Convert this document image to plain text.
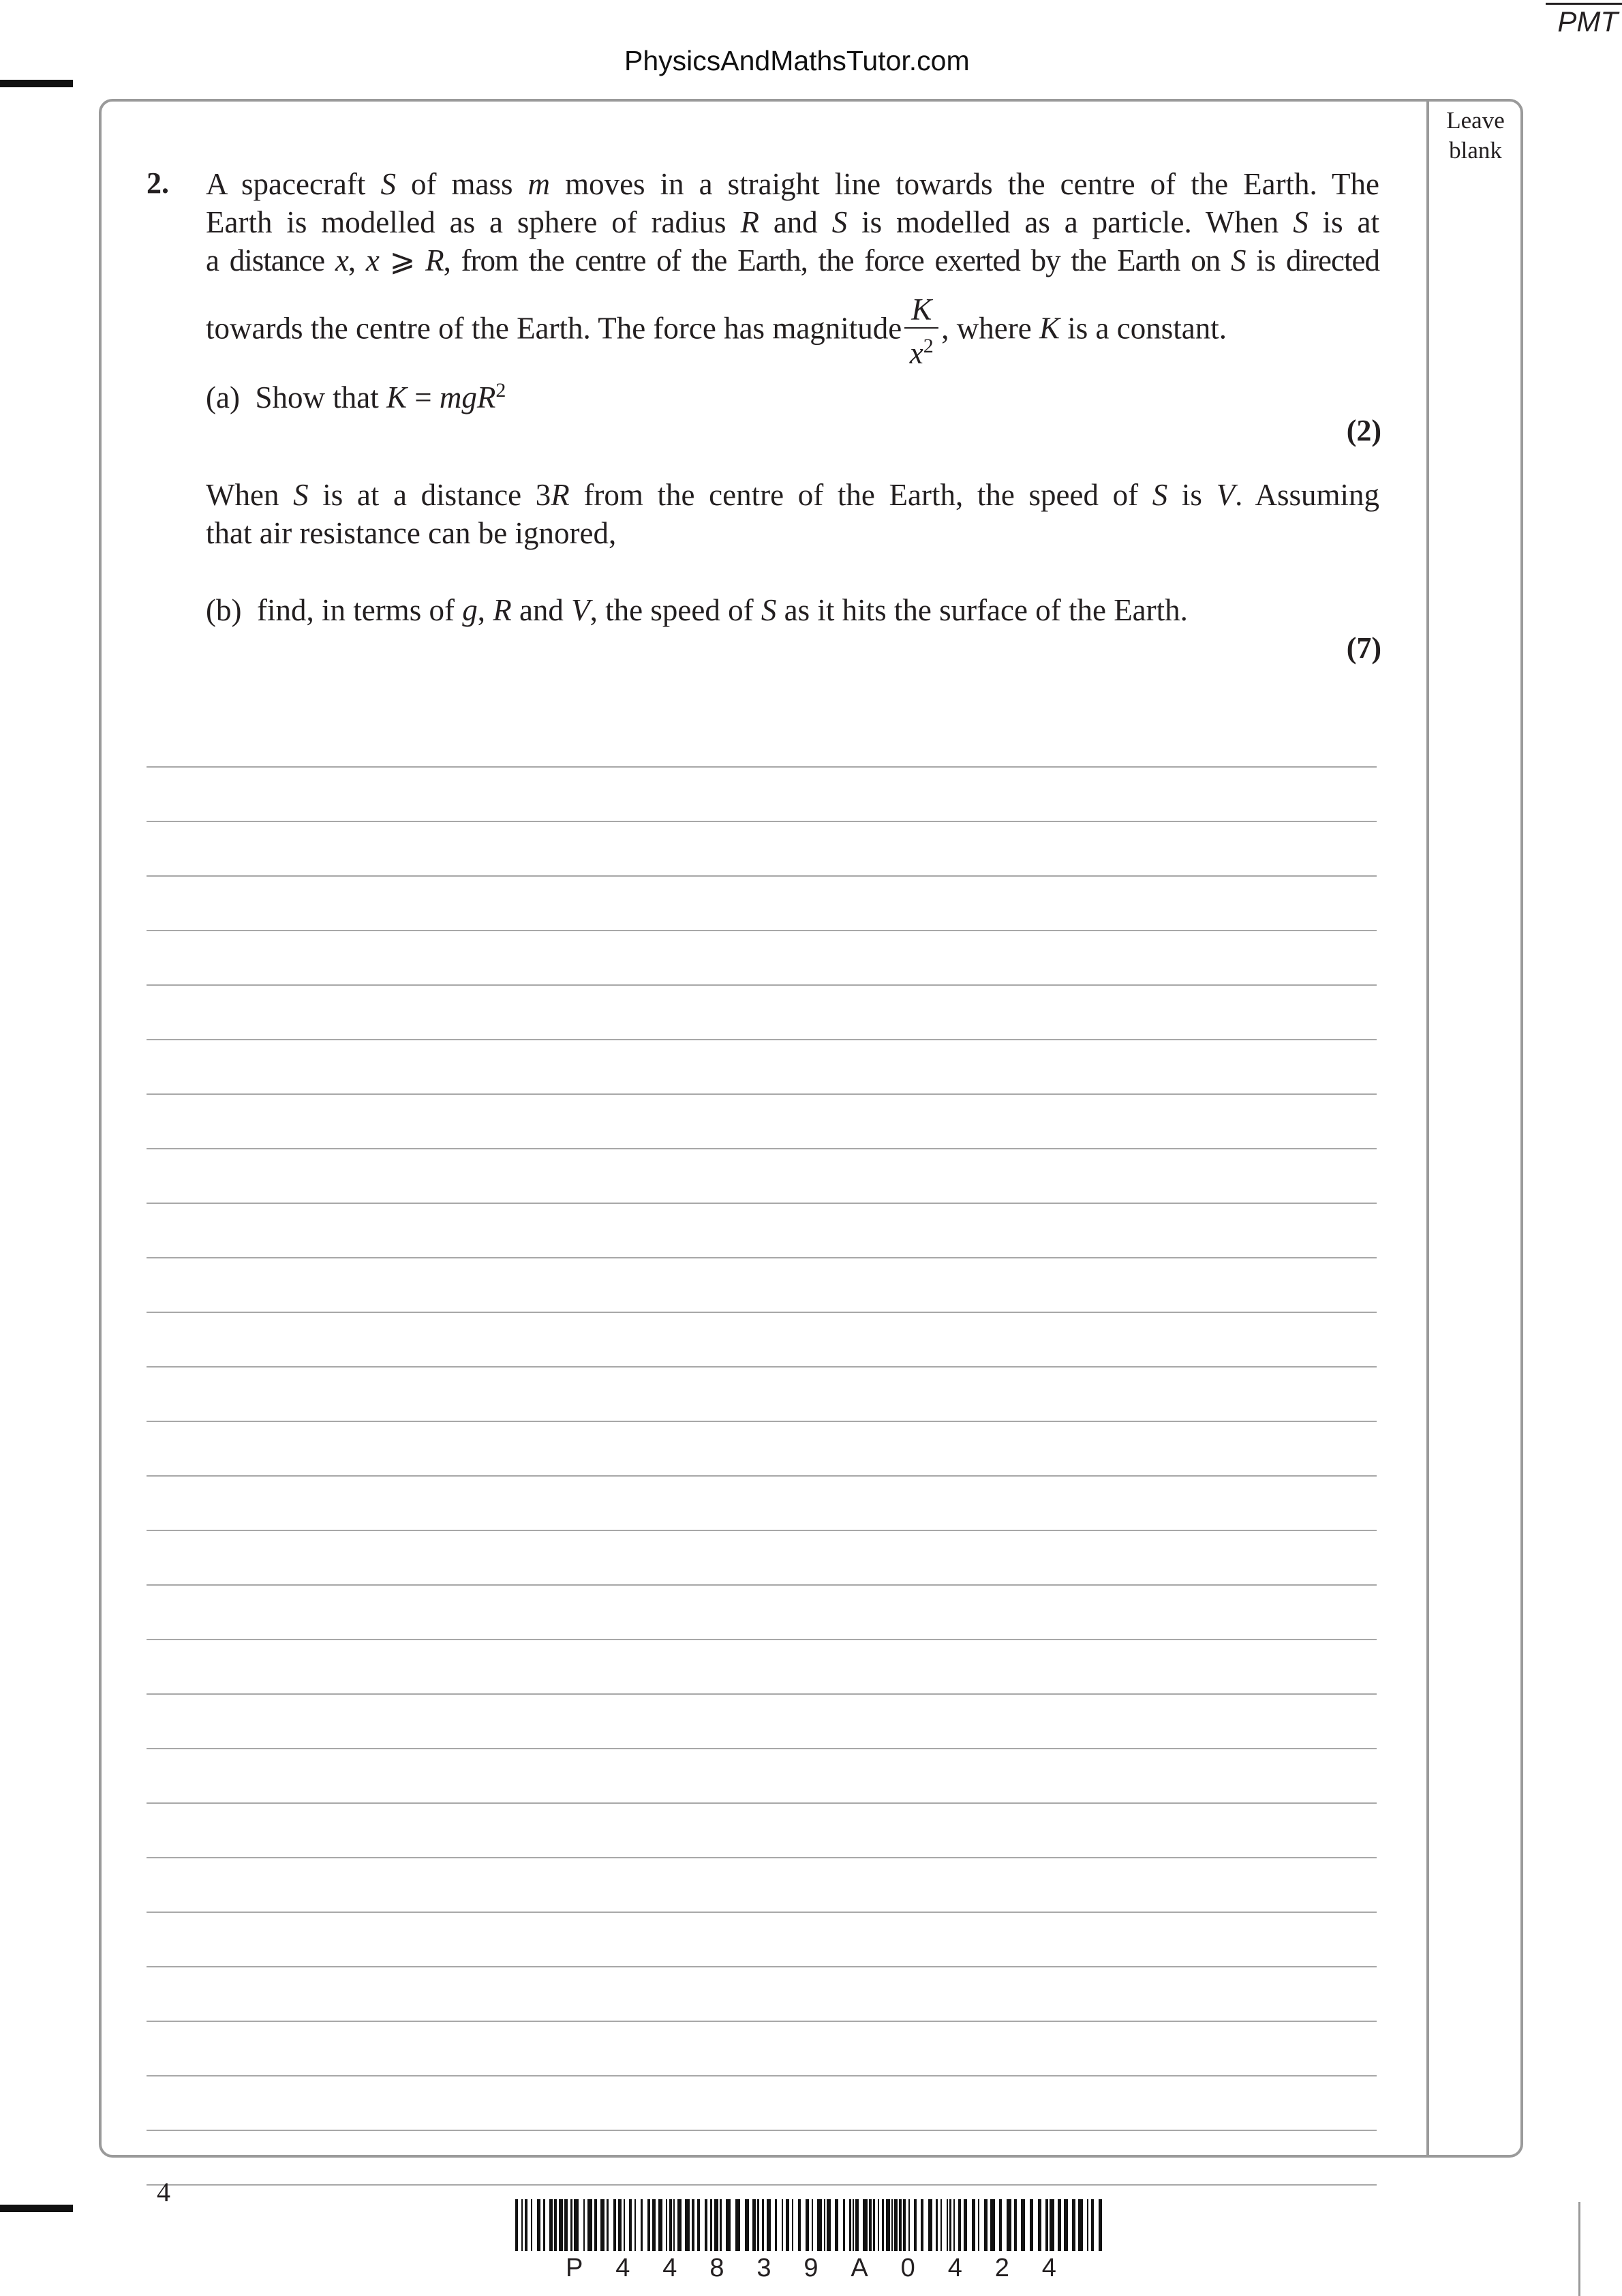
PMT
PhysicsAndMathsTutor.com
Leave
blank
2. A spacecraft S of mass m moves in a straight line towards the centre of the Earth. The
Earth is modelled as a sphere of radius R and S is modelled as a particle. When S is at
a distance x, x ⩾ R, from the centre of the Earth, the force exerted by the Earth on S is directed
towards the centre of the Earth. The force has magnitude $\frac{K}{x^2}$ , where K is a constant.
(a) Show that K = mgR$^2$
(2)
When S is at a distance 3R from the centre of the Earth, the speed of S is V. Assuming
that air resistance can be ignored,
(b) find, in terms of g, R and V, the speed of S as it hits the surface of the Earth.
(7)
4
P 4 4 8 3 9 A 0 4 2 4
